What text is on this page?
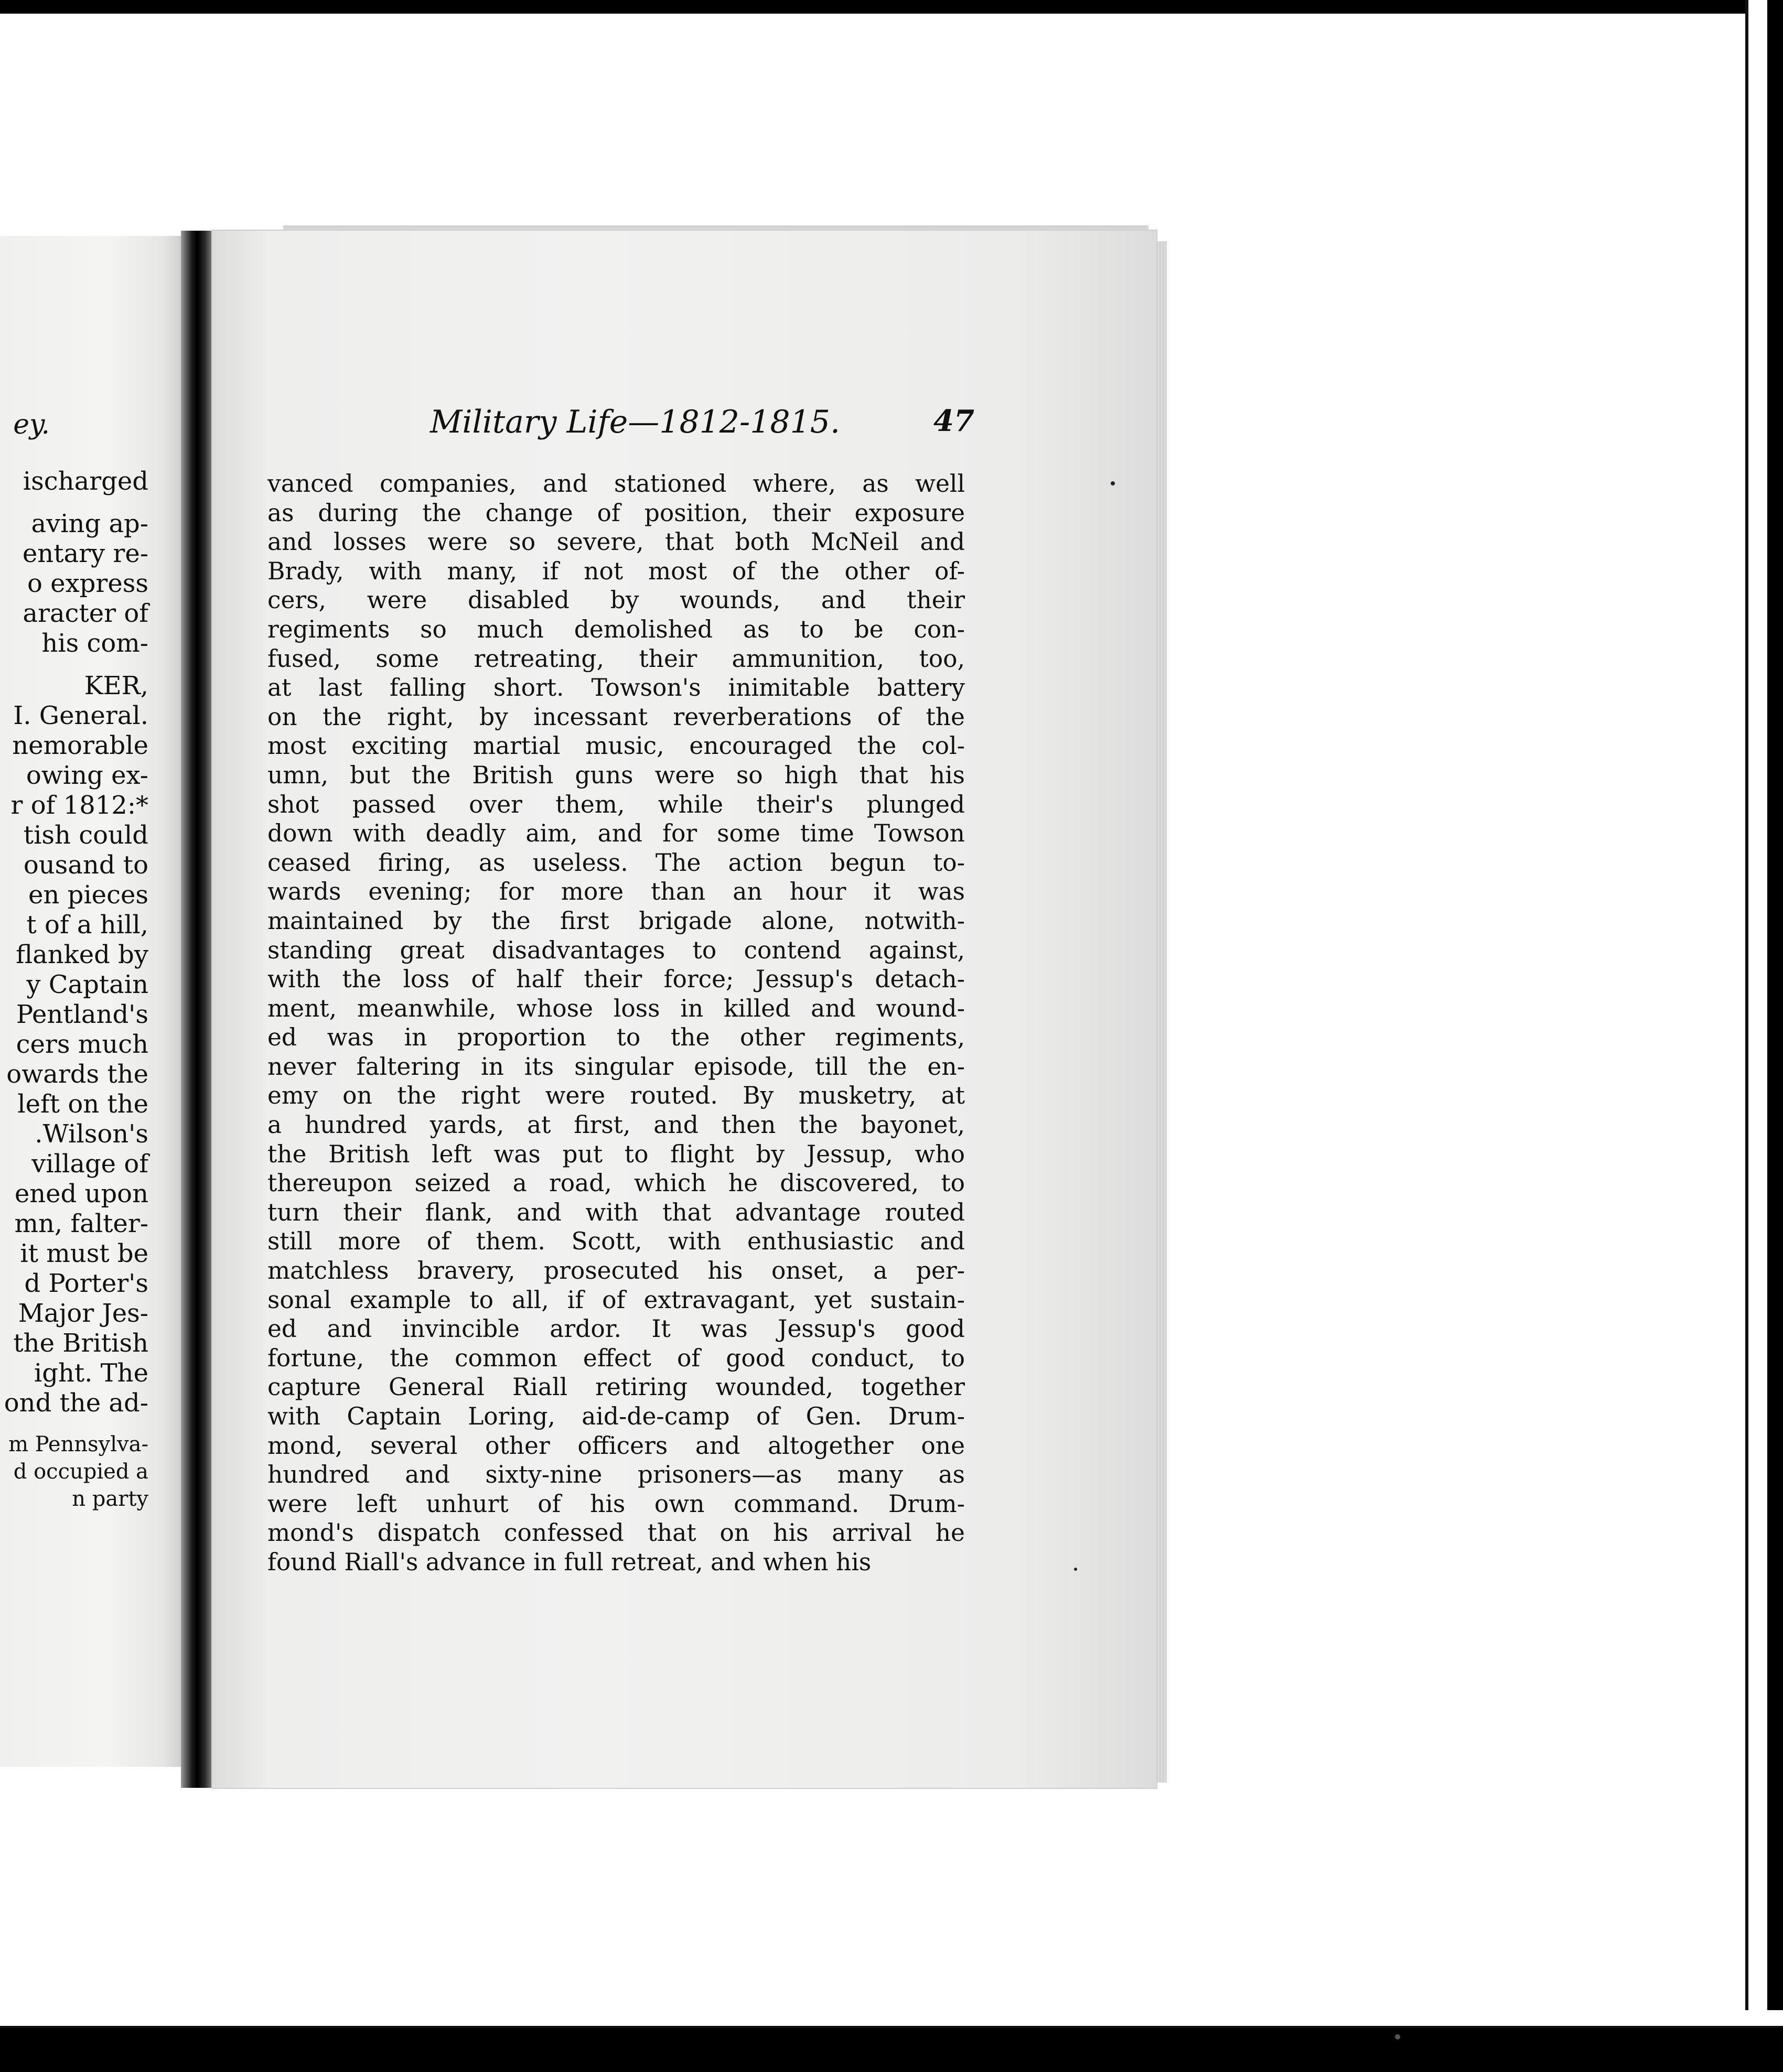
ey.
ischarged
aving ap-
entary re-
o express
aracter of
his com-
KER,
I. General.
nemorable
owing ex-
r of 1812:*
tish could
ousand to
en pieces
t of a hill,
flanked by
y Captain
Pentland's
cers much
owards the
left on the
.Wilson's
village of
ened upon
mn, falter-
it must be
d Porter's
Major Jes-
the British
ight. The
ond the ad-
m Pennsylva-
d occupied a
n party
Military Life—1812-1815.	47
vanced companies, and stationed where, as well
as during the change of position, their exposure
and losses were so severe, that both McNeil and
Brady, with many, if not most of the other of-
cers, were disabled by wounds, and their
regiments so much demolished as to be con-
fused, some retreating, their ammunition, too,
at last falling short. Towson's inimitable battery
on the right, by incessant reverberations of the
most exciting martial music, encouraged the col-
umn, but the British guns were so high that his
shot passed over them, while their's plunged
down with deadly aim, and for some time Towson
ceased firing, as useless. The action begun to-
wards evening; for more than an hour it was
maintained by the first brigade alone, notwith-
standing great disadvantages to contend against,
with the loss of half their force; Jessup's detach-
ment, meanwhile, whose loss in killed and wound-
ed was in proportion to the other regiments,
never faltering in its singular episode, till the en-
emy on the right were routed. By musketry, at
a hundred yards, at first, and then the bayonet,
the British left was put to flight by Jessup, who
thereupon seized a road, which he discovered, to
turn their flank, and with that advantage routed
still more of them. Scott, with enthusiastic and
matchless bravery, prosecuted his onset, a per-
sonal example to all, if of extravagant, yet sustain-
ed and invincible ardor. It was Jessup's good
fortune, the common effect of good conduct, to
capture General Riall retiring wounded, together
with Captain Loring, aid-de-camp of Gen. Drum-
mond, several other officers and altogether one
hundred and sixty-nine prisoners—as many as
were left unhurt of his own command. Drum-
mond's dispatch confessed that on his arrival he
found Riall's advance in full retreat, and when his
